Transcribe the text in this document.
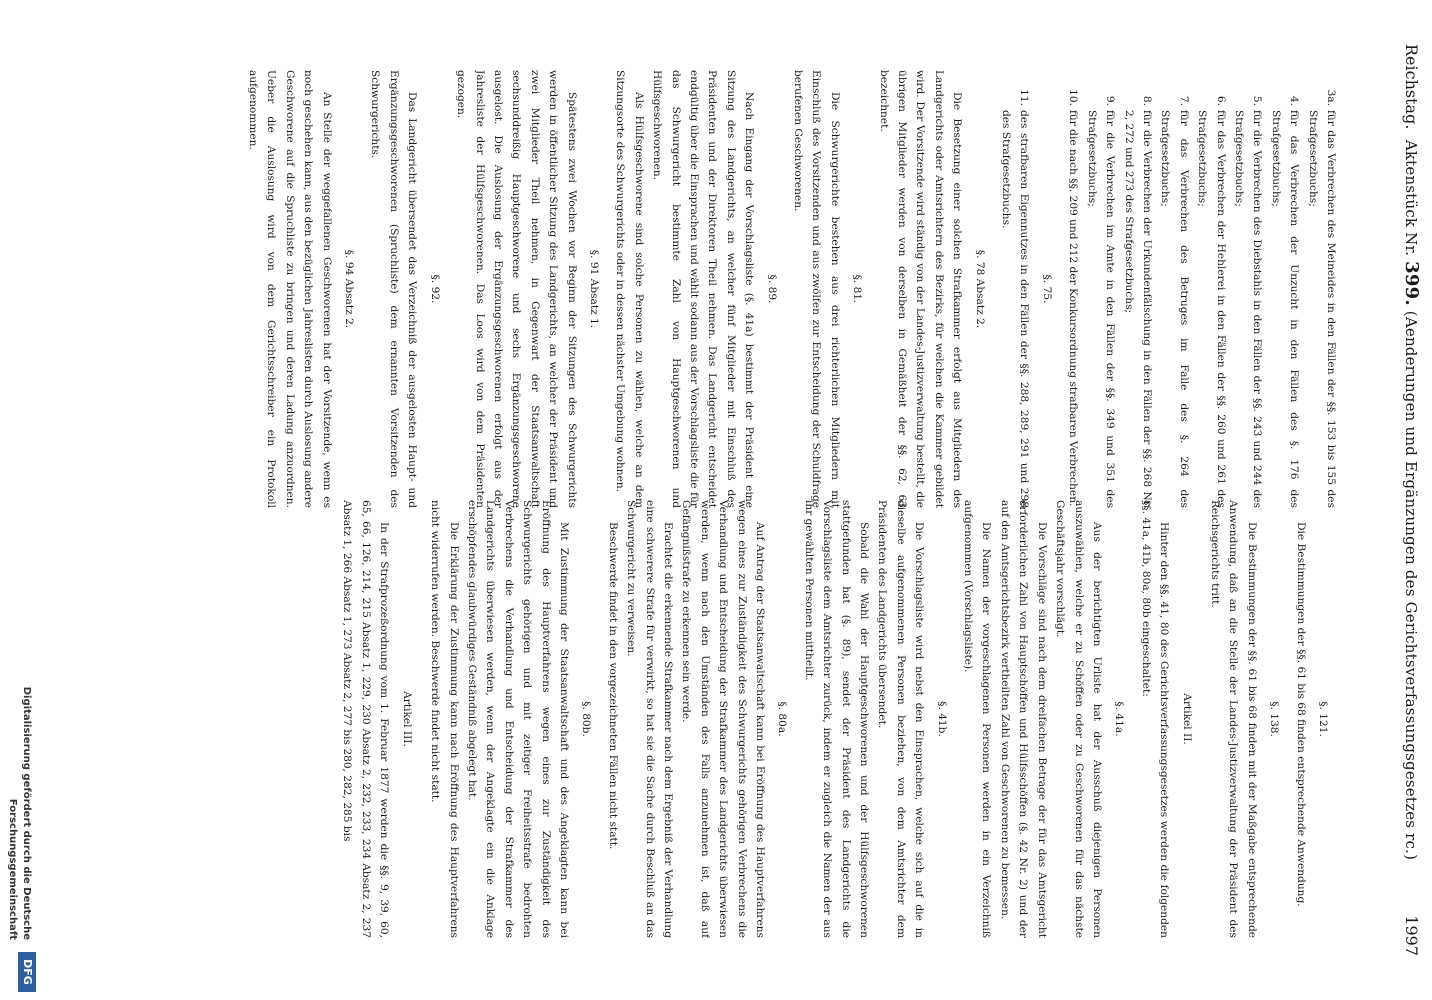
Reichstag.
Aktenstück Nr. 399. (Aenderungen und Ergänzungen des Gerichtsverfassungsgesetzes rc.)
1997

3a.für das Verbrechen des Meineides in den Fällen der §§. 153 bis 155 des Strafgesetzbuchs;

4.für das Verbrechen der Unzucht in den Fällen des §. 176 des Strafgesetzbuchs;

5.für die Verbrechen des Diebstahls in den Fällen der §§. 243 und 244 des Strafgesetzbuchs;

6.für das Verbrechen der Hehlerei in den Fällen der §§. 260 und 261 des Strafgesetzbuchs;

7.für das Verbrechen des Betruges im Falle des §. 264 des Strafgesetzbuchs;

8.für die Verbrechen der Urkundenfälschung in den Fällen der §§. 268 Nr. 2, 272 und 273 des Strafgesetzbuchs;

9.für die Verbrechen im Amte in den Fällen der §§. 349 und 351 des Strafgesetzbuchs;

10.für die nach §§. 209 und 212 der Konkursordnung strafbaren Verbrechen.

§. 75.

11.des strafbaren Eigennutzes in den Fällen der §§. 288, 289, 291 und 298 des Strafgesetzbuchs.

§. 78 Absatz 2.

Die Besetzung einer solchen Strafkammer erfolgt aus Mitgliedern des Landgerichts oder Amtsrichtern des Bezirks, für welchen die Kammer gebildet wird. Der Vorsitzende wird ständig von der Landes-Justizverwaltung bestellt, die übrigen Mitglieder werden von derselben in Gemäßheit der §§. 62, 63 bezeichnet.

§. 81.

Die Schwurgerichte bestehen aus drei richterlichen Mitgliedern mit Einschluß des Vorsitzenden und aus zwölfen zur Entscheidung der Schuldfrage berufenen Geschworenen.

§. 89.

Nach Eingang der Vorschlagsliste (§. 41a) bestimmt der Präsident eine Sitzung des Landgerichts, an welcher fünf Mitglieder mit Einschluß des Präsidenten und der Direktoren Theil nehmen. Das Landgericht entscheidet endgültig über die Einsprachen und wählt sodann aus der Vorschlagsliste die für das Schwurgericht bestimmte Zahl von Hauptgeschworenen und Hülfsgeschworenen.

Als Hülfsgeschworene sind solche Personen zu wählen, welche an dem Sitzungsorte des Schwurgerichts oder in dessen nächster Umgebung wohnen.

§. 91 Absatz 1.

Spätestens zwei Wochen vor Beginn der Sitzungen des Schwurgerichts werden in öffentlicher Sitzung des Landgerichts, an welcher der Präsident und zwei Mitglieder Theil nehmen, in Gegenwart der Staatsanwaltschaft sechsunddreißig Hauptgeschworene und sechs Ergänzungsgeschworene ausgelost. Die Auslosung der Ergänzungsgeschworenen erfolgt aus der Jahresliste der Hülfsgeschworenen. Das Loos wird von dem Präsidenten gezogen.

§. 92.

Das Landgericht übersendet das Verzeichniß der ausgelosten Haupt- und Ergänzungsgeschworenen (Spruchliste) dem ernannten Vorsitzenden des Schwurgerichts.

§. 94 Absatz 2.

An Stelle der weggefallenen Geschworenen hat der Vorsitzende, wenn es noch geschehen kann, aus den bezüglichen Jahreslisten durch Auslosung andere Geschworene auf die Spruchliste zu bringen und deren Ladung anzuordnen. Ueber die Auslosung wird von dem Gerichtsschreiber ein Protokoll aufgenommen.

§. 121.

Die Bestimmungen der §§. 61 bis 68 finden entsprechende Anwendung.

§. 138.

Die Bestimmungen der §§. 61 bis 68 finden mit der Maßgabe entsprechende Anwendung, daß an die Stelle der Landes-Justizverwaltung der Präsident des Reichsgerichts tritt.

Artikel II.

Hinter den §§. 41, 80 des Gerichtsverfassungsgesetzes werden die folgenden §§. 41a, 41b, 80a, 80b eingeschaltet:

§. 41a.

Aus der berichtigten Urliste hat der Ausschuß diejenigen Personen auszuwählen, welche er zu Schöffen oder zu Geschworenen für das nächste Geschäftsjahr vorschlägt.

Die Vorschläge sind nach dem dreifachen Betrage der für das Amtsgericht erforderlichen Zahl von Hauptschöffen und Hülfsschöffen (§. 42 Nr. 2) und der auf den Amtsgerichtsbezirk vertheilten Zahl von Geschworenen zu bemessen.

Die Namen der vorgeschlagenen Personen werden in ein Verzeichniß aufgenommen (Vorschlagsliste).

§. 41b.

Die Vorschlagsliste wird nebst den Einsprachen, welche sich auf die in dieselbe aufgenommenen Personen beziehen, von dem Amtsrichter dem Präsidenten des Landgerichts übersendet.

Sobald die Wahl der Hauptgeschworenen und der Hülfsgeschworenen stattgefunden hat (§. 89), sendet der Präsident des Landgerichts die Vorschlagsliste dem Amtsrichter zurück, indem er zugleich die Namen der aus ihr gewählten Personen mittheilt.

§. 80a.

Auf Antrag der Staatsanwaltschaft kann bei Eröffnung des Hauptverfahrens wegen eines zur Zuständigkeit des Schwurgerichts gehörigen Verbrechens die Verhandlung und Entscheidung der Strafkammer des Landgerichts überwiesen werden, wenn nach den Umständen des Falls anzunehmen ist, daß auf Gefängnißstrafe zu erkennen sein werde.

Erachtet die erkennende Strafkammer nach dem Ergebniß der Verhandlung eine schwerere Strafe für verwirkt, so hat sie die Sache durch Beschluß an das Schwurgericht zu verweisen.

Beschwerde findet in den vorgezeichneten Fällen nicht statt.

§. 80b.

Mit Zustimmung der Staatsanwaltschaft und des Angeklagten kann bei Eröffnung des Hauptverfahrens wegen eines zur Zuständigkeit des Schwurgerichts gehörigen und mit zeitiger Freiheitsstrafe bedrohten Verbrechens die Verhandlung und Entscheidung der Strafkammer des Landgerichts überwiesen werden, wenn der Angeklagte ein die Anklage erschöpfendes glaubwürdiges Geständniß abgelegt hat.

Die Erklärung der Zustimmung kann nach Eröffnung des Hauptverfahrens nicht widerrufen werden. Beschwerde findet nicht statt.

Artikel III.

In der Strafprozeßordnung vom 1. Februar 1877 werden die §§. 9, 39, 60, 65, 66, 126, 214, 215 Absatz 1, 229, 230 Absatz 2, 232, 233, 234 Absatz 2, 237 Absatz 1, 266 Absatz 1, 273 Absatz 2, 277 bis 280, 282, 285 bis

Digitalisierung gefördert durch die Deutsche Forschungsgemeinschaft
DFG
